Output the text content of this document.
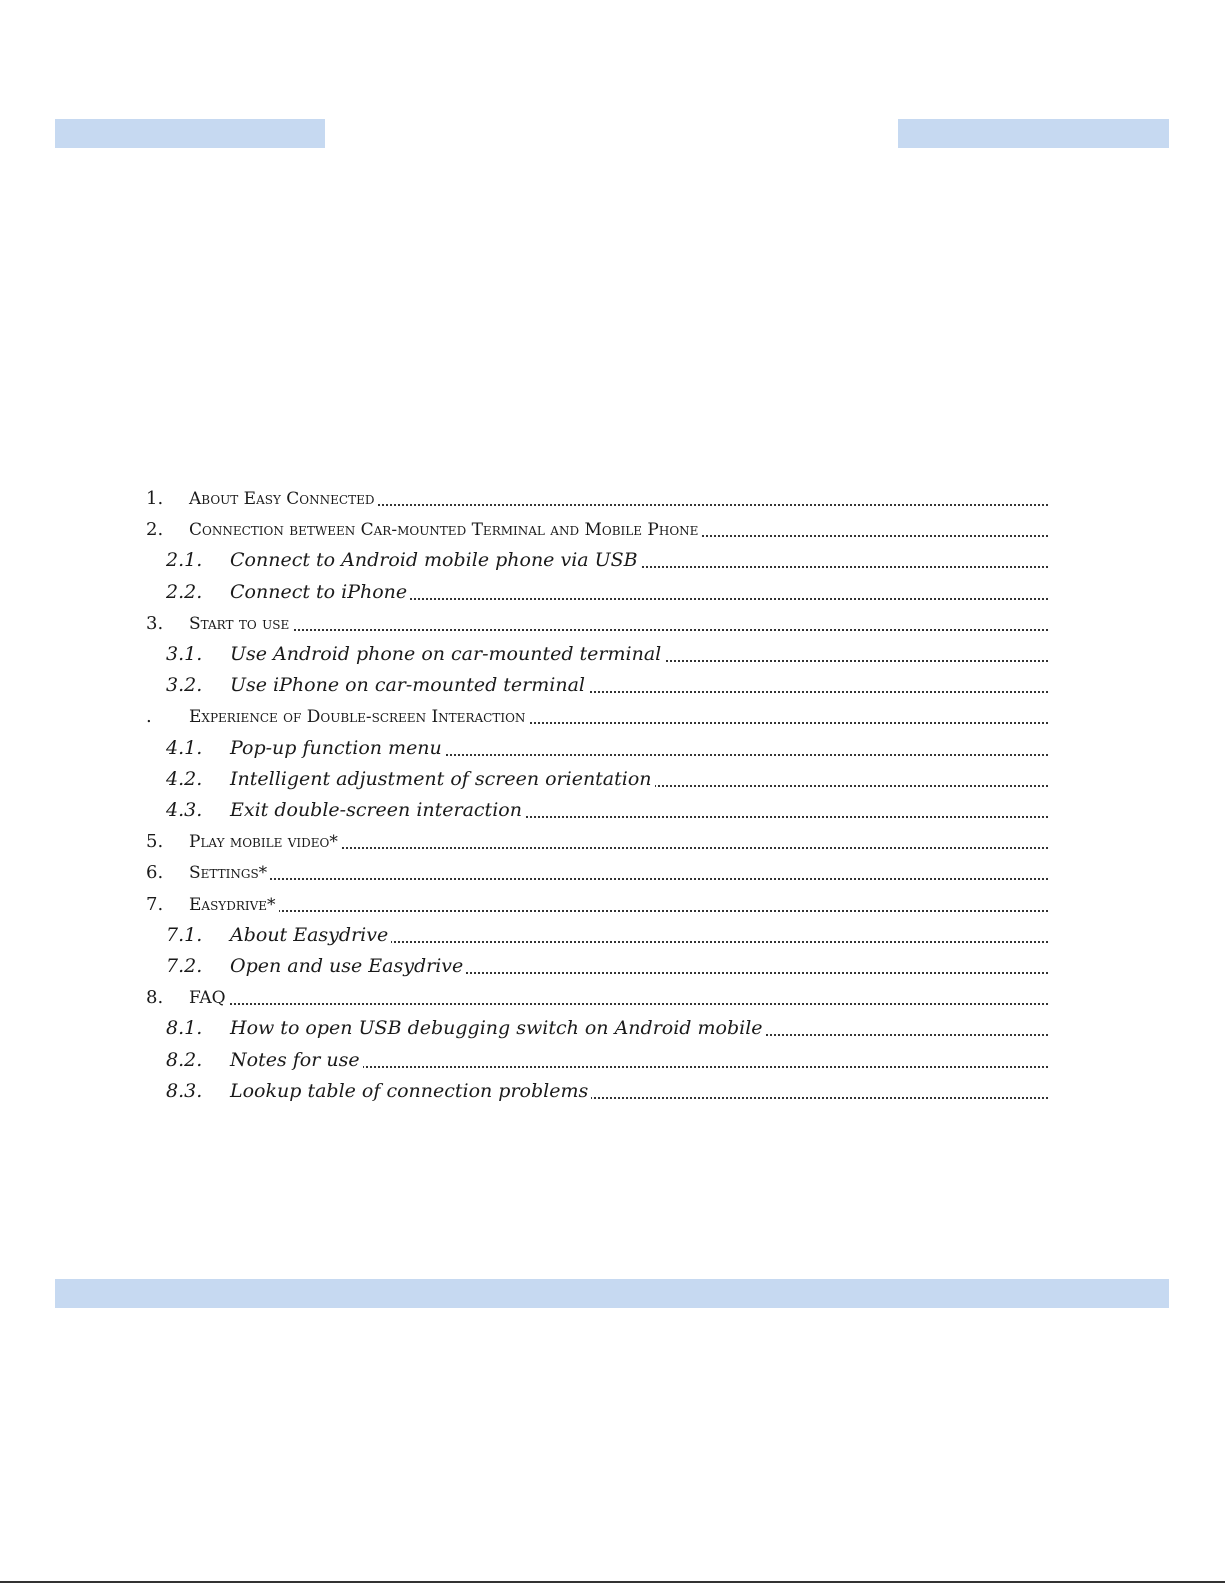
1. About Easy Connected
2. Connection between Car-mounted Terminal and Mobile Phone
2.1. Connect to Android mobile phone via USB
2.2. Connect to iPhone
3. Start to use
3.1. Use Android phone on car-mounted terminal
3.2. Use iPhone on car-mounted terminal
. Experience of Double-screen Interaction
4.1. Pop-up function menu
4.2. Intelligent adjustment of screen orientation
4.3. Exit double-screen interaction
5. Play mobile video*
6. Settings*
7. Easydrive*
7.1. About Easydrive
7.2. Open and use Easydrive
8. FAQ
8.1. How to open USB debugging switch on Android mobile
8.2. Notes for use
8.3. Lookup table of connection problems
